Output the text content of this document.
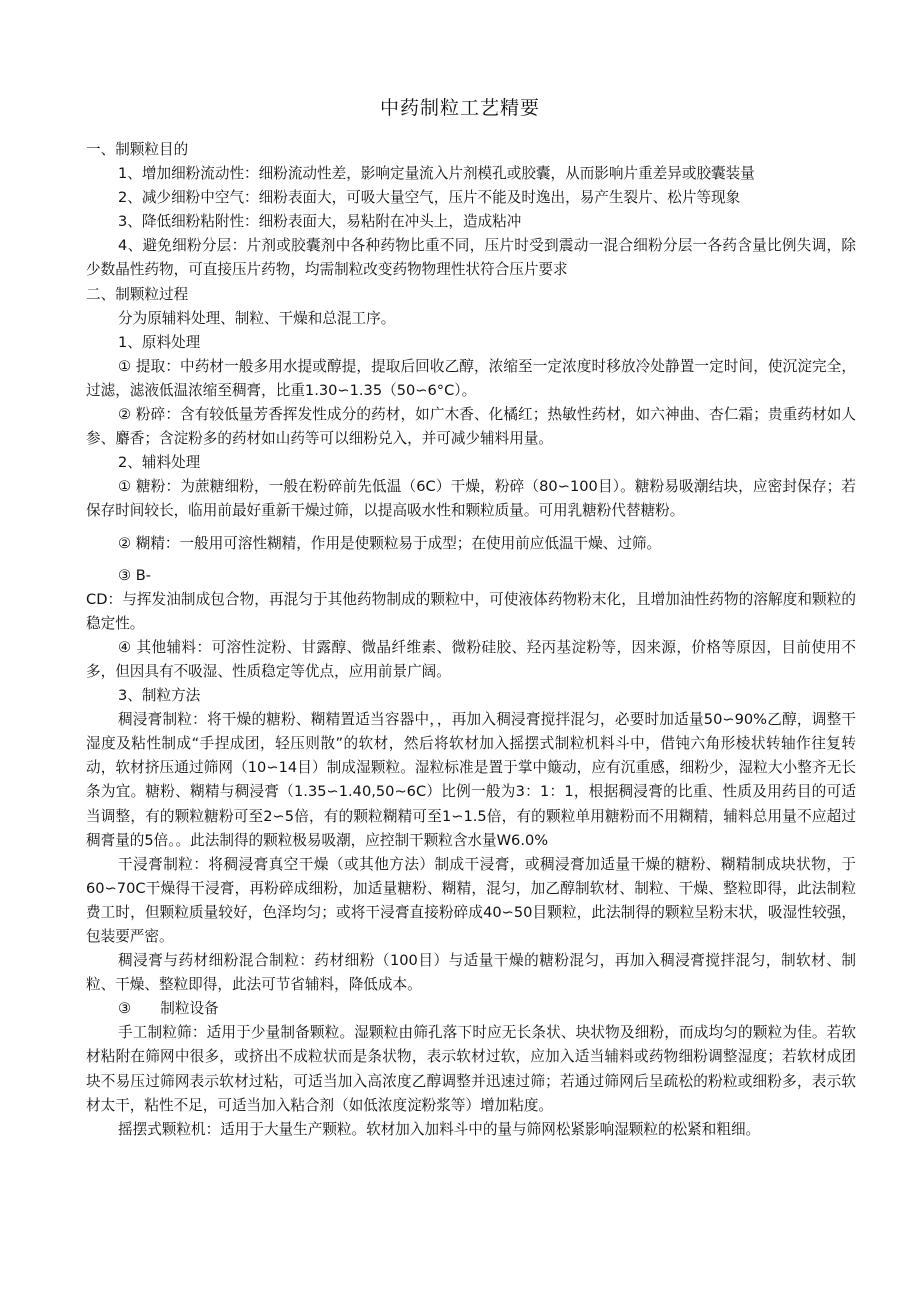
中药制粒工艺精要

一、制颗粒目的

1、增加细粉流动性：细粉流动性差，影响定量流入片剂模孔或胶囊，从而影响片重差异或胶囊装量

2、减少细粉中空气：细粉表面大，可吸大量空气，压片不能及时逸出，易产生裂片、松片等现象

3、降低细粉粘附性：细粉表面大，易粘附在冲头上，造成粘冲

4、避免细粉分层：片剂或胶囊剂中各种药物比重不同，压片时受到震动一混合细粉分层一各药含量比例失调，除少数晶性药物，可直接压片药物，均需制粒改变药物物理性状符合压片要求

二、制颗粒过程

分为原辅料处理、制粒、干燥和总混工序。

1、原料处理

① 提取：中药材一般多用水提或醇提，提取后回收乙醇，浓缩至一定浓度时移放冷处静置一定时间，使沉淀完全，过滤，滤液低温浓缩至稠膏，比重1.30∽1.35（50∽6°C）。

② 粉碎：含有较低量芳香挥发性成分的药材，如广木香、化橘红；热敏性药材，如六神曲、杏仁霜；贵重药材如人参、麝香；含淀粉多的药材如山药等可以细粉兑入，并可减少辅料用量。

2、辅料处理

① 糖粉：为蔗糖细粉，一般在粉碎前先低温（6C）干燥，粉碎（80∽100目）。糖粉易吸潮结块，应密封保存；若保存时间较长，临用前最好重新干燥过筛，以提高吸水性和颗粒质量。可用乳糖粉代替糖粉。

② 糊精：一般用可溶性糊精，作用是使颗粒易于成型；在使用前应低温干燥、过筛。

③ B-

CD：与挥发油制成包合物，再混匀于其他药物制成的颗粒中，可使液体药物粉末化，且增加油性药物的溶解度和颗粒的稳定性。

④ 其他辅料：可溶性淀粉、甘露醇、微晶纤维素、微粉硅胶、羟丙基淀粉等，因来源，价格等原因，目前使用不多，但因具有不吸湿、性质稳定等优点，应用前景广阔。

3、制粒方法

稠浸膏制粒：将干燥的糖粉、糊精置适当容器中，，再加入稠浸膏搅拌混匀，必要时加适量50∽90%乙醇，调整干湿度及粘性制成“手捏成团，轻压则散”的软材，然后将软材加入摇摆式制粒机料斗中，借钝六角形棱状转轴作往复转动，软材挤压通过筛网（10∽14目）制成湿颗粒。湿粒标准是置于掌中簸动，应有沉重感，细粉少，湿粒大小整齐无长条为宜。糖粉、糊精与稠浸膏（1.35∽1.40,50~6C）比例一般为3：1：1，根据稠浸膏的比重、性质及用药目的可适当调整，有的颗粒糖粉可至2∽5倍，有的颗粒糊精可至1∽1.5倍，有的颗粒单用糖粉而不用糊精，辅料总用量不应超过稠膏量的5倍。。此法制得的颗粒极易吸潮，应控制干颗粒含水量W6.0%

干浸膏制粒：将稠浸膏真空干燥（或其他方法）制成干浸膏，或稠浸膏加适量干燥的糖粉、糊精制成块状物，于60∽70C干燥得干浸膏，再粉碎成细粉，加适量糖粉、糊精，混匀，加乙醇制软材、制粒、干燥、整粒即得，此法制粒费工时，但颗粒质量较好，色泽均匀；或将干浸膏直接粉碎成40∽50目颗粒，此法制得的颗粒呈粉末状，吸湿性较强，包装要严密。

稠浸膏与药材细粉混合制粒：药材细粉（100目）与适量干燥的糖粉混匀，再加入稠浸膏搅拌混匀，制软材、制粒、干燥、整粒即得，此法可节省辅料，降低成本。

③　　制粒设备

手工制粒筛：适用于少量制备颗粒。湿颗粒由筛孔落下时应无长条状、块状物及细粉，而成均匀的颗粒为佳。若软材粘附在筛网中很多，或挤出不成粒状而是条状物，表示软材过软，应加入适当辅料或药物细粉调整湿度；若软材成团块不易压过筛网表示软材过粘，可适当加入高浓度乙醇调整并迅速过筛；若通过筛网后呈疏松的粉粒或细粉多，表示软材太干，粘性不足，可适当加入粘合剂（如低浓度淀粉浆等）增加粘度。

摇摆式颗粒机：适用于大量生产颗粒。软材加入加料斗中的量与筛网松紧影响湿颗粒的松紧和粗细。
